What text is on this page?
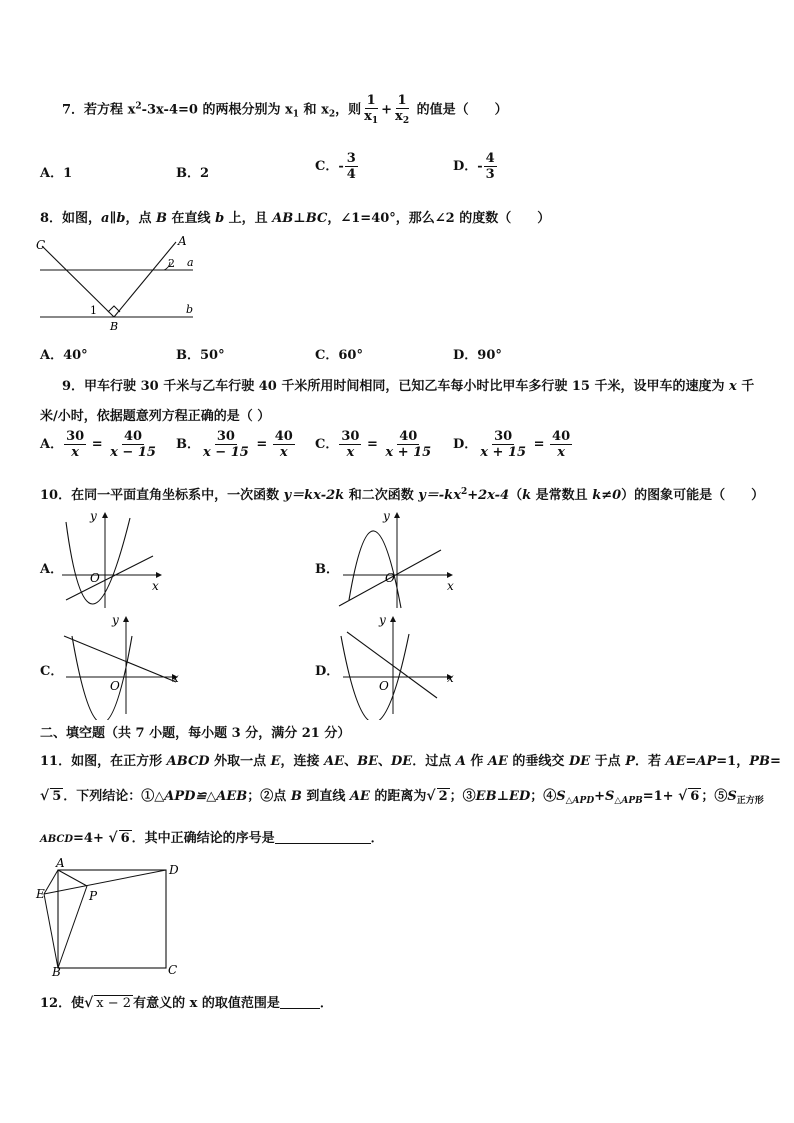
7．若方程 $x^2-3x-4=0$ 的两根分别为 $x_1$ 和 $x_2$，则 $\frac{1}{x_1} + \frac{1}{x_2}$ 的值是（　　）
A．1	B．2	C．- $\frac{3}{4}$	D．- $\frac{4}{3}$
8．如图，a∥b，点 B 在直线 b 上，且 AB⊥BC，∠1=40°，那么∠2 的度数（　　）
C	A
2 a
1
B
b
A．40°	B．50°	C．60°	D．90°
9．甲车行驶 30 千米与乙车行驶 40 千米所用时间相同，已知乙车每小时比甲车多行驶 15 千米，设甲车的速度为 x 千
米/小时，依据题意列方程正确的是（ ）
A． $\frac{30}{x} = \frac{40}{x - 15}$ B． $\frac{30}{x - 15} = \frac{40}{x}$ C． $\frac{30}{x} = \frac{40}{x + 15}$ D． $\frac{30}{x + 15} = \frac{40}{x}$
10．在同一平面直角坐标系中，一次函数 y＝kx-2k 和二次函数 $y=-kx^2+2x-4(k$ 是常数且 k≠0）的图象可能是（　　）
A．
x
y
O
B．
x
y
O
C．	x
y
O
D．	x
y
O
二、填空题（共 7 小题，每小题 3 分，满分 21 分）
11．如图，在正方形 ABCD 外取一点 E，连接 AE、BE、DE．过点 A 作 AE 的垂线交 DE 于点 P．若 AE=AP=1，PB=
√ 5 ．下列结论：①△APD≌△AEB；②点 B 到直线 AE 的距离为√ 2 ；③EB⊥ED；$④S_{\triangle APD}+S_{\triangle APB}=1+$ √ 6 ；$⑤S_{正方形}$
ABCD=4+ √ 6 ．其中正确结论的序号是	．
A	D
E	P
B	C
12．使√ x − 2 有意义的 x 的取值范围是	．
